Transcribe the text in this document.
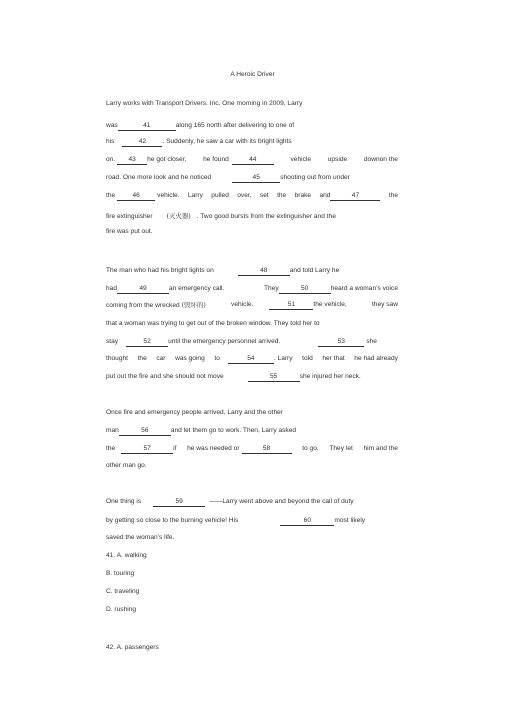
A Heroic Driver
Larry works with Transport Drivers. Inc. One morning in 2009, Larry
was	41	along 165 north after delivering to one of
his	42 . Suddenly, he saw a car with its bright lights
on. 43 he got closer,	he found	44	vehicle	upside	downon the
road. One more look and he noticed	45	shooting out from under
the	46	vehicle. Larry pulled over, set the brake and	47	the
fire extinguisher (灭火器) . Two good bursts from the extinguisher and the
fire was put out.
The man who had his bright lights on	48	and told Larry he
had	49	an emergency call.	They	50	heard a woman’s voice
coming from the wrecked (毁坏的)	vehicle.	51	the vehicle,	they saw
that a woman was trying to get out of the broken window. They told her to
stay	52	until the emergency personnel arrived.	53	she
thought the car was going to	54	. Larry told her that he had already
put out the fire and she should not move	55	she injured her neck.
Once fire and emergency people arrived, Larry and the other
man	56	and let them go to work. Then, Larry asked
the	57	if he was needed or	58	to go. They let him and the
other man go.
One thing is	59	——Larry went above and beyond the call of duty
by getting so close to the burning vehicle! His	60	most likely
saved the woman’s life.
41. A. walking
B. touring
C. traveling
D. rushing
42. A. passengers
